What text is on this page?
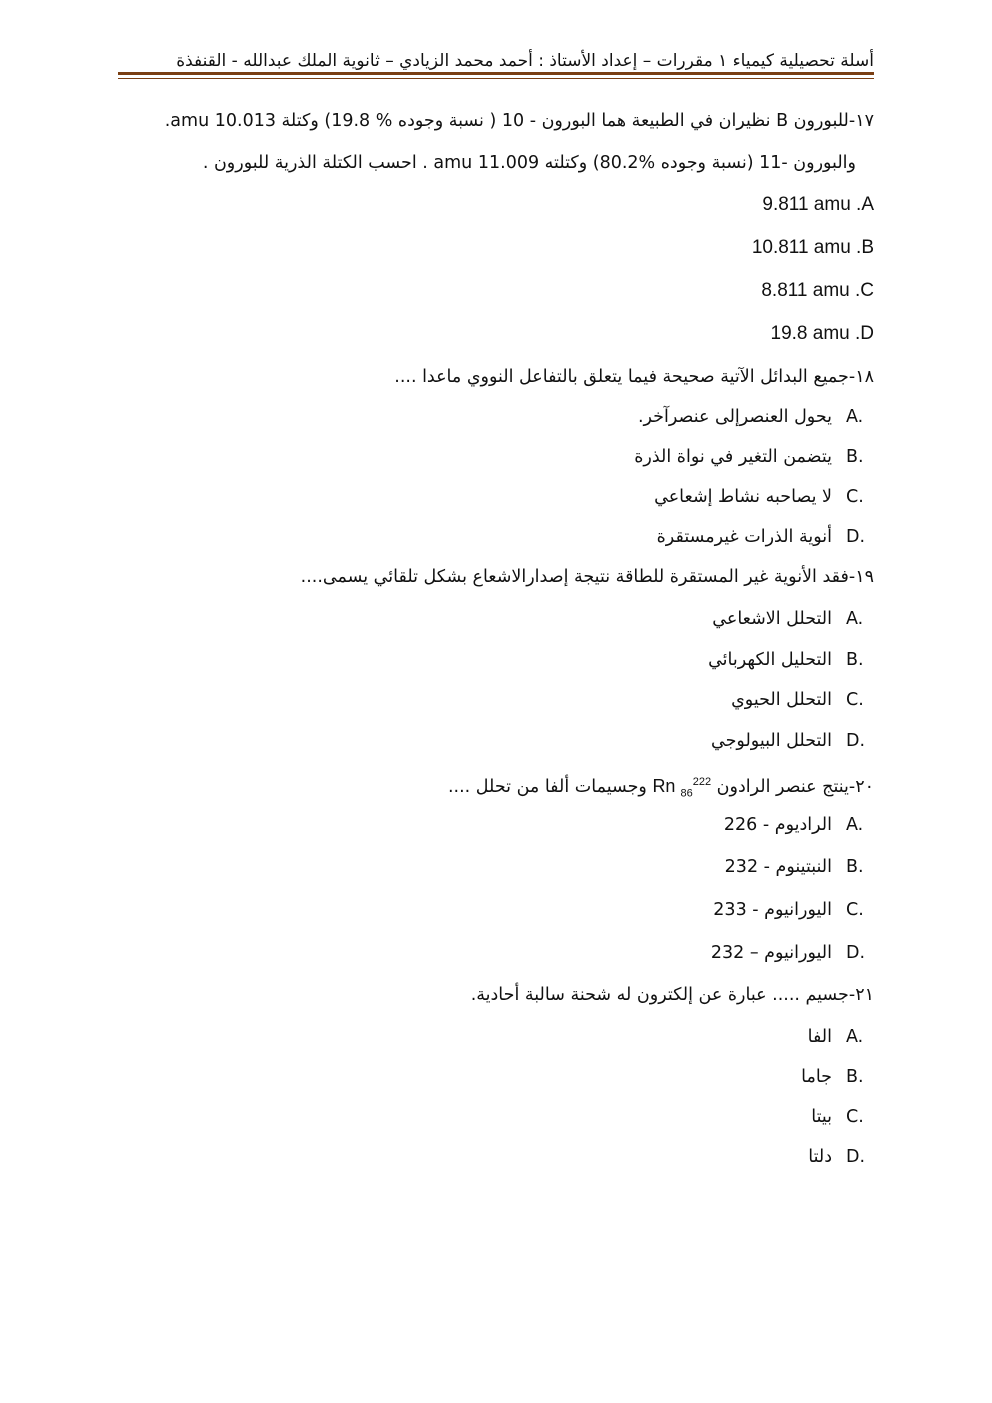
أسلة تحصيلية كيمياء ١ مقررات – إعداد الأستاذ : أحمد محمد الزيادي – ثانوية الملك عبدالله - القنفذة
١٧-للبورون B نظيران في الطبيعة هما البورون - 10 ( نسبة وجوده % 19.8) وكتلة 10.013 amu.
والبورون -11 (نسبة وجوده %80.2) وكتلته 11.009 amu . احسب الكتلة الذرية للبورون .
9.811 amu .A
10.811 amu .B
8.811 amu .C
19.8 amu .D
١٨-جميع البدائل الآتية صحيحة فيما يتعلق بالتفاعل النووي ماعدا ....
يحول العنصرإلى عنصرآخر. A.
يتضمن التغير في نواة الذرة B.
لا يصاحبه نشاط إشعاعي C.
أنوية الذرات غيرمستقرة D.
١٩-فقد الأنوية غير المستقرة للطاقة نتيجة إصدارالاشعاع بشكل تلقائي يسمى....
التحلل الاشعاعي A.
التحليل الكهربائي B.
التحلل الحيوي C.
التحلل البيولوجي D.
٢٠-ينتج عنصر الرادون Rn $_{86}^{222}$ وجسيمات ألفا من تحلل ....
الراديوم - 226 A.
النبتينوم - 232 B.
اليورانيوم - 233 C.
اليورانيوم – 232 D.
٢١-جسيم ..... عبارة عن إلكترون له شحنة سالبة أحادية.
الفا A.
جاما B.
بيتا C.
دلتا D.
